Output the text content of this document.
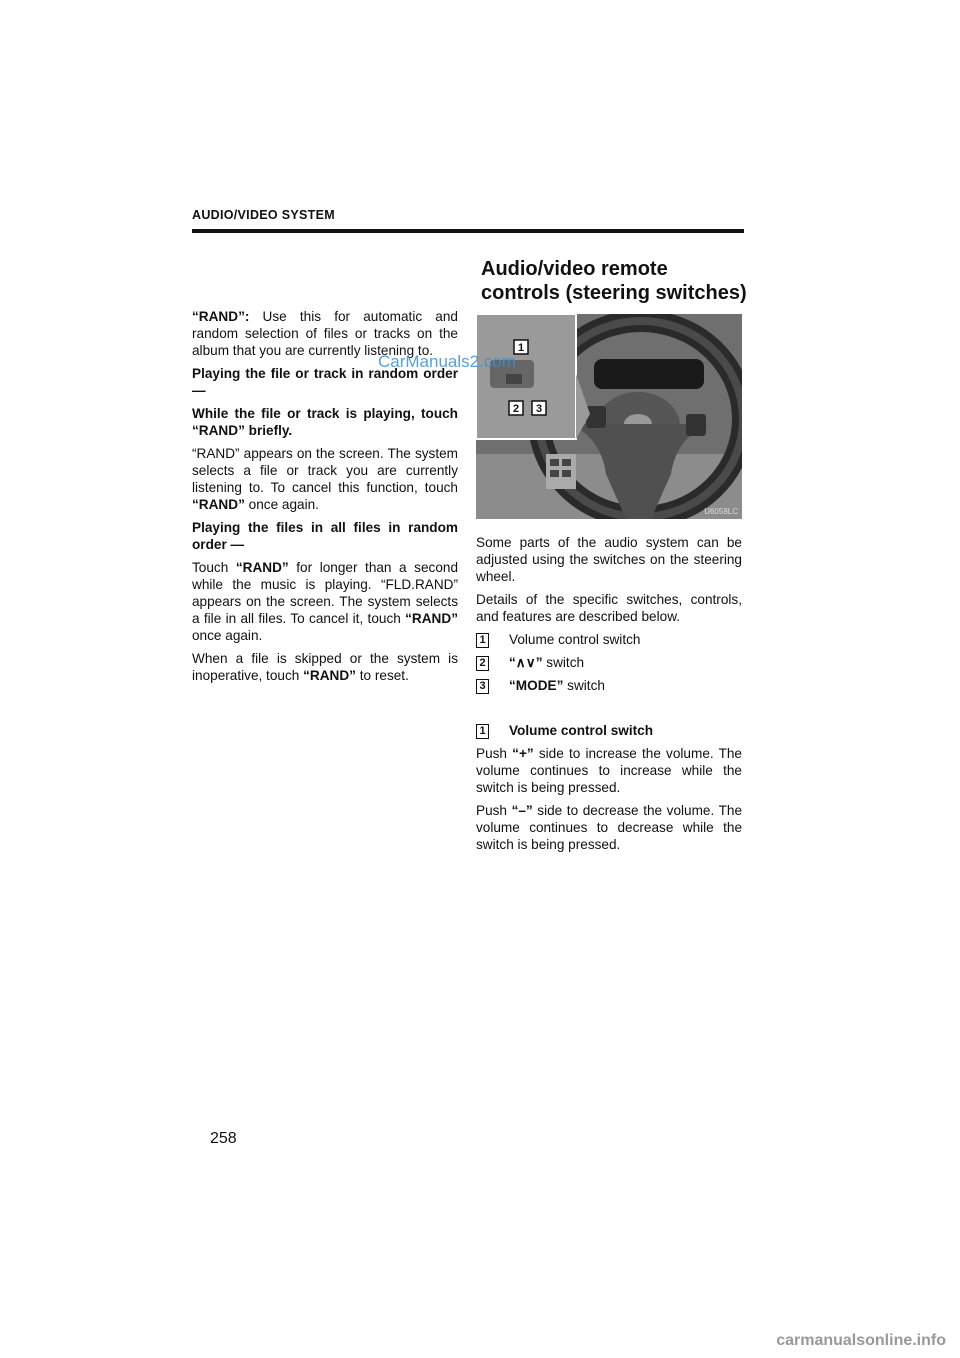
AUDIO/VIDEO SYSTEM
Audio/video remote controls (steering switches)

“RAND”: Use this for automatic and random selection of files or tracks on the album that you are currently listening to.

Playing the file or track in random order—

While the file or track is playing, touch “RAND” briefly.

“RAND” appears on the screen. The system selects a file or track you are currently listening to. To cancel this function, touch “RAND” once again.

Playing the files in all files in random order —

Touch “RAND” for longer than a second while the music is playing. “FLD.RAND” appears on the screen. The system selects a file in all files. To cancel it, touch “RAND” once again.

When a file is skipped or the system is inoperative, touch “RAND” to reset.

1
2 3
U6058LC
CarManuals2.com

Some parts of the audio system can be adjusted using the switches on the steering wheel.

Details of the specific switches, controls, and features are described below.

1 Volume control switch
2 “∧∨” switch
3 “MODE” switch
1 Volume control switch

Push “+” side to increase the volume. The volume continues to increase while the switch is being pressed.

Push “–” side to decrease the volume. The volume continues to decrease while the switch is being pressed.

258
carmanualsonline.info
